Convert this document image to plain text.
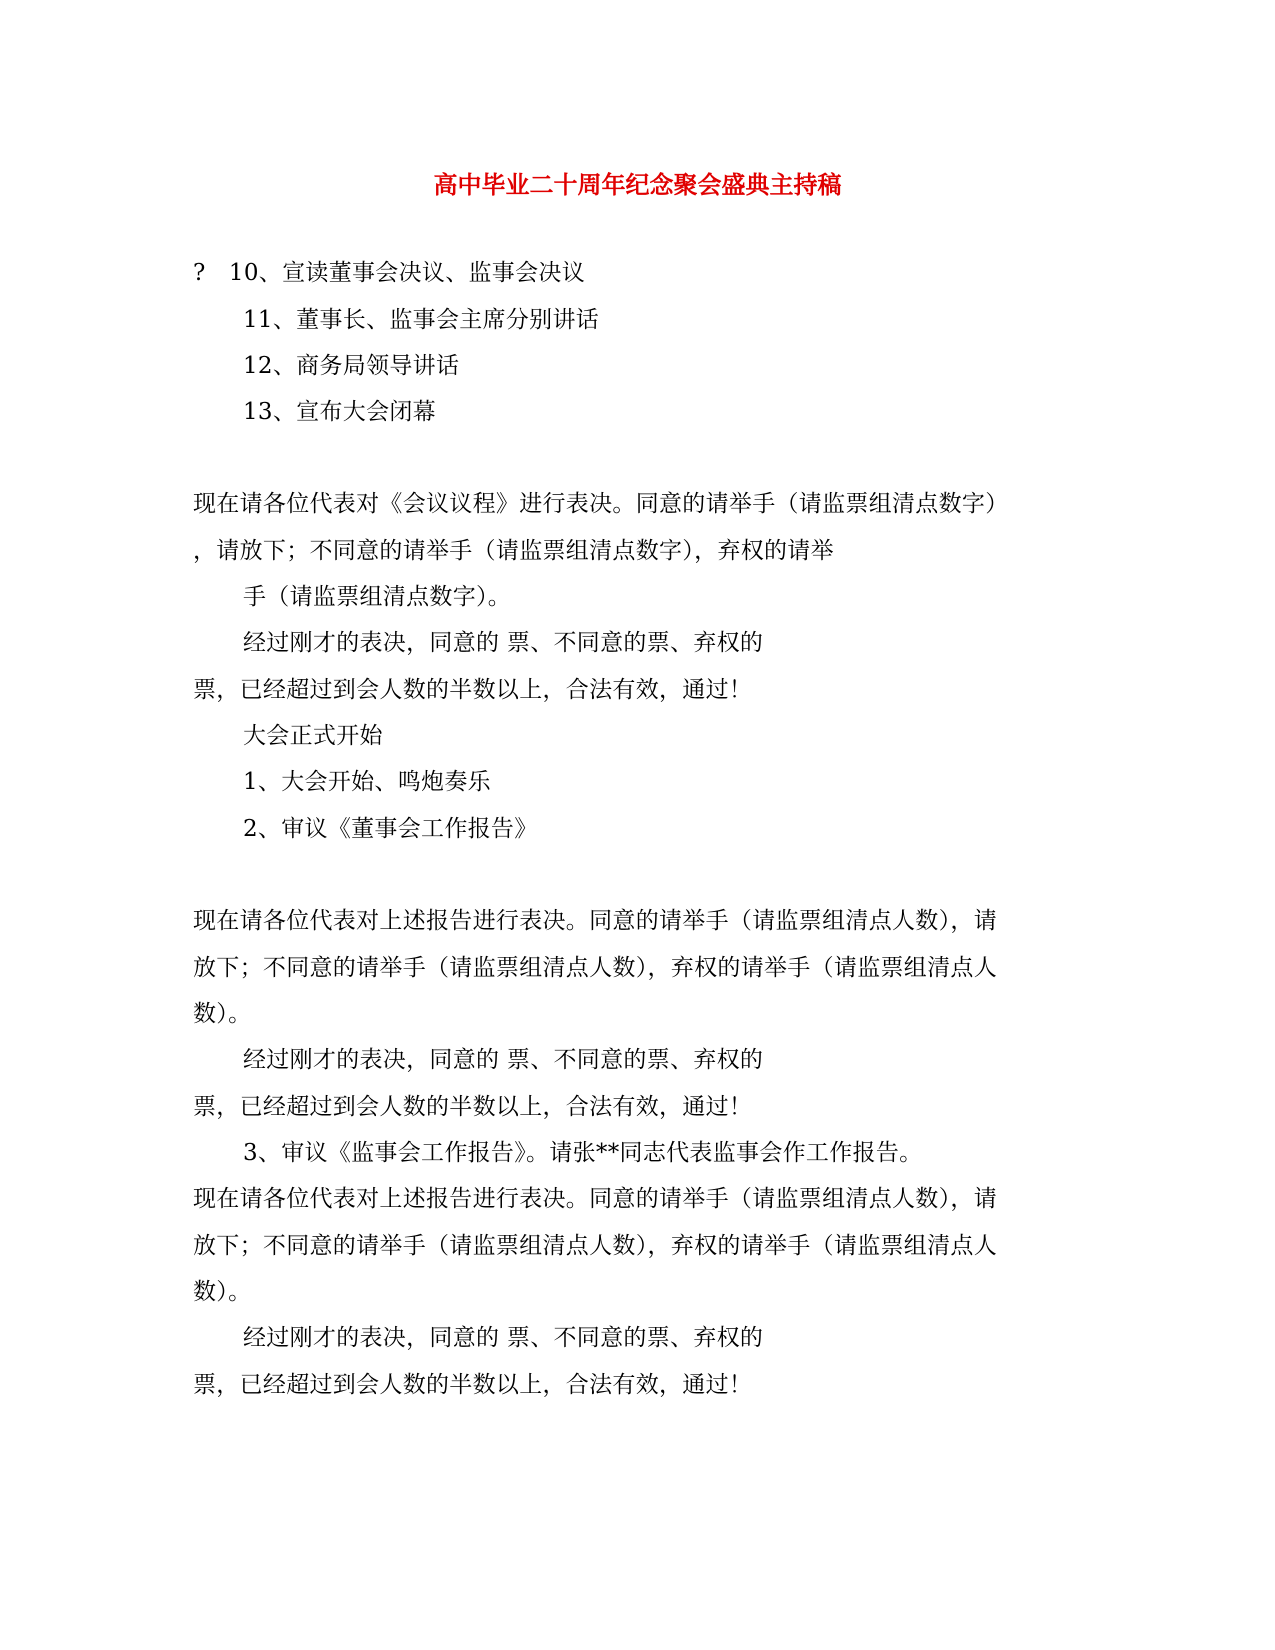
高中毕业二十周年纪念聚会盛典主持稿
?　10、宣读董事会决议、监事会决议
11、董事长、监事会主席分别讲话
12、商务局领导讲话
13、宣布大会闭幕
现在请各位代表对《会议议程》进行表决。同意的请举手（请监票组清点数字）
，请放下；不同意的请举手（请监票组清点数字），弃权的请举
手（请监票组清点数字）。
经过刚才的表决，同意的 票、不同意的票、弃权的
票，已经超过到会人数的半数以上，合法有效，通过！
大会正式开始
1、大会开始、鸣炮奏乐
2、审议《董事会工作报告》
现在请各位代表对上述报告进行表决。同意的请举手（请监票组清点人数），请
放下；不同意的请举手（请监票组清点人数），弃权的请举手（请监票组清点人
数）。
经过刚才的表决，同意的 票、不同意的票、弃权的
票，已经超过到会人数的半数以上，合法有效，通过！
3、审议《监事会工作报告》。请张**同志代表监事会作工作报告。
现在请各位代表对上述报告进行表决。同意的请举手（请监票组清点人数），请
放下；不同意的请举手（请监票组清点人数），弃权的请举手（请监票组清点人
数）。
经过刚才的表决，同意的 票、不同意的票、弃权的
票，已经超过到会人数的半数以上，合法有效，通过！
